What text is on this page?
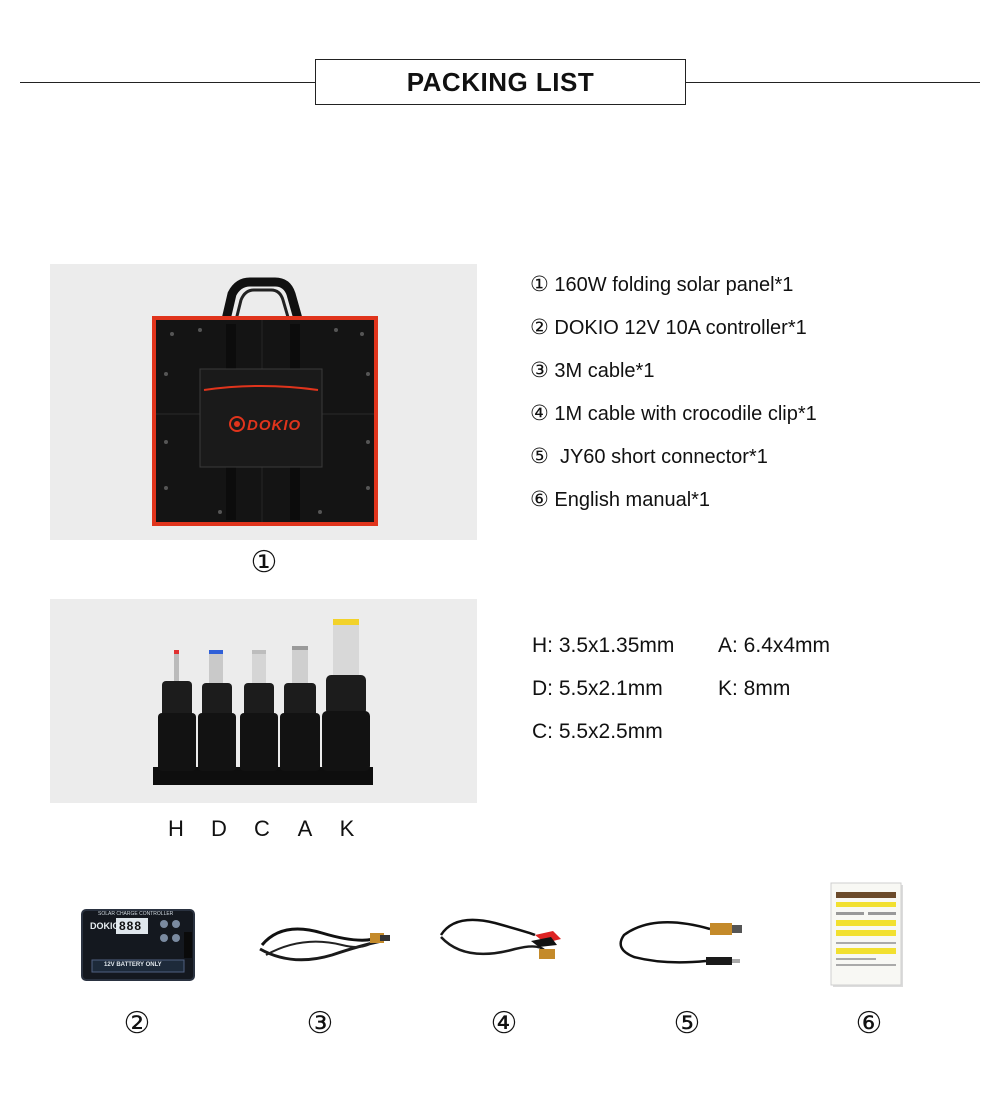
PACKING LIST
DOKIO
①
① 160W folding solar panel*1
② DOKIO 12V 10A controller*1
③ 3M cable*1
④ 1M cable with crocodile clip*1
⑤  JY60 short connector*1
⑥ English manual*1
H: 3.5x1.35mm
D: 5.5x2.1mm
C: 5.5x2.5mm
A: 6.4x4mm
K: 8mm
H D C A K
SOLAR CHARGE CONTROLLER
DOKIO 888
12V BATTERY ONLY
②	③	④	⑤	⑥
